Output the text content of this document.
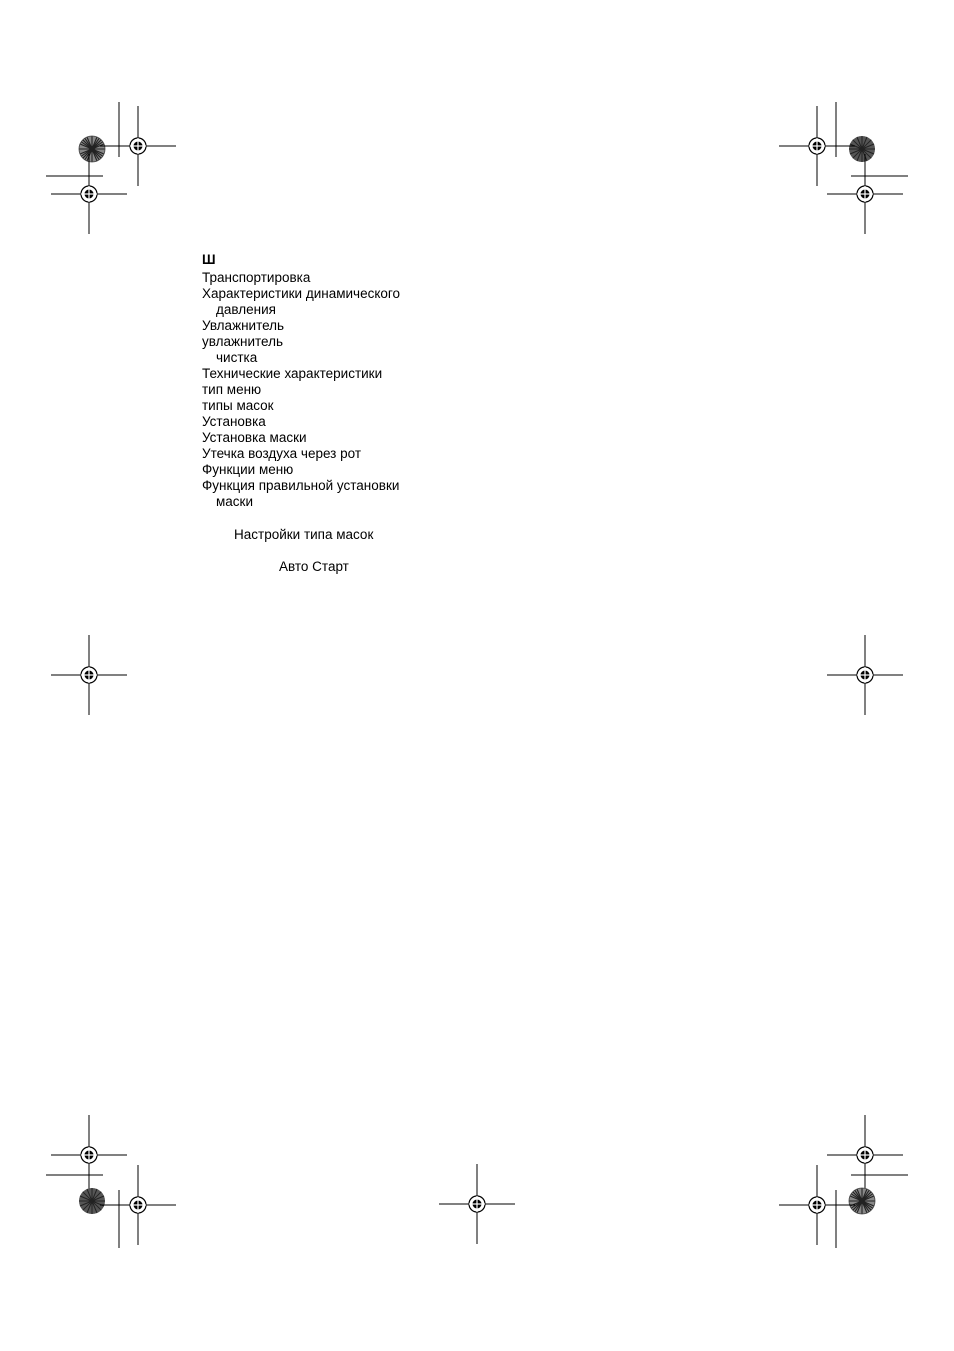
Ш
Транспортировка
Характеристики динамического
давления
Увлажнитель
увлажнитель
чистка
Технические характеристики
тип меню
типы масок
Установка
Установка маски
Утечка воздуха через рот
Функции меню
Функция правильной установки
маски
Настройки типа масок
Авто Старт
